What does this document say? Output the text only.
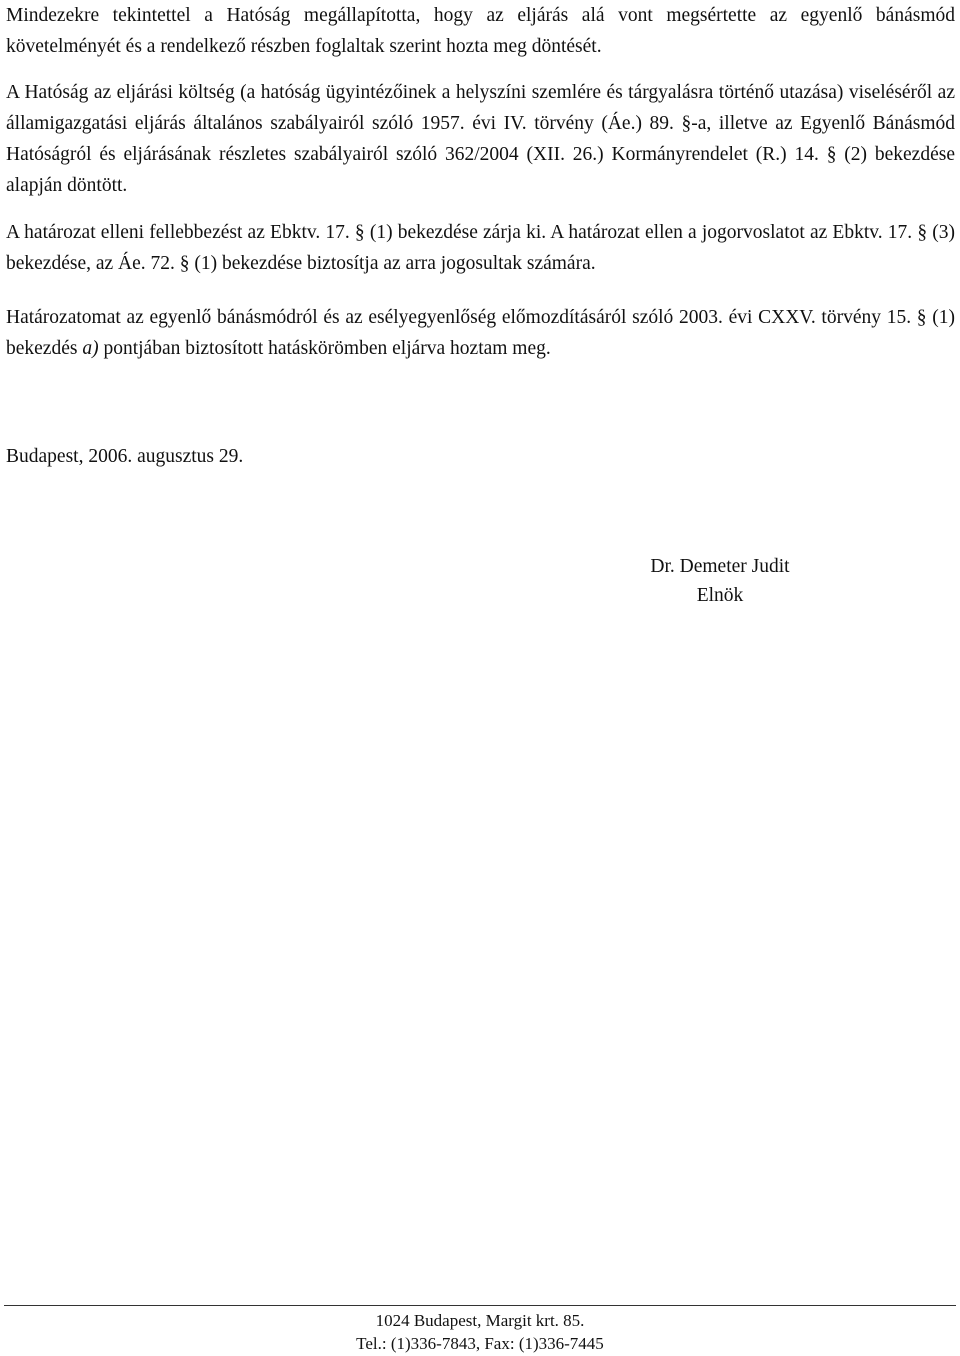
Mindezekre tekintettel a Hatóság megállapította, hogy az eljárás alá vont megsértette az egyenlő bánásmód követelményét és a rendelkező részben foglaltak szerint hozta meg döntését.

A Hatóság az eljárási költség (a hatóság ügyintézőinek a helyszíni szemlére és tárgyalásra történő utazása) viseléséről az államigazgatási eljárás általános szabályairól szóló 1957. évi IV. törvény (Áe.) 89. §-a, illetve az Egyenlő Bánásmód Hatóságról és eljárásának részletes szabályairól szóló 362/2004 (XII. 26.) Kormányrendelet (R.) 14. § (2) bekezdése alapján döntött.

A határozat elleni fellebbezést az Ebktv. 17. § (1) bekezdése zárja ki. A határozat ellen a jogorvoslatot az Ebktv. 17. § (3) bekezdése, az Áe. 72. § (1) bekezdése biztosítja az arra jogosultak számára.

Határozatomat az egyenlő bánásmódról és az esélyegyenlőség előmozdításáról szóló 2003. évi CXXV. törvény 15. § (1) bekezdés a) pontjában biztosított hatáskörömben eljárva hoztam meg.

Budapest, 2006. augusztus 29.

Dr. Demeter Judit
Elnök
1024 Budapest, Margit krt. 85.
Tel.: (1)336-7843, Fax: (1)336-7445
